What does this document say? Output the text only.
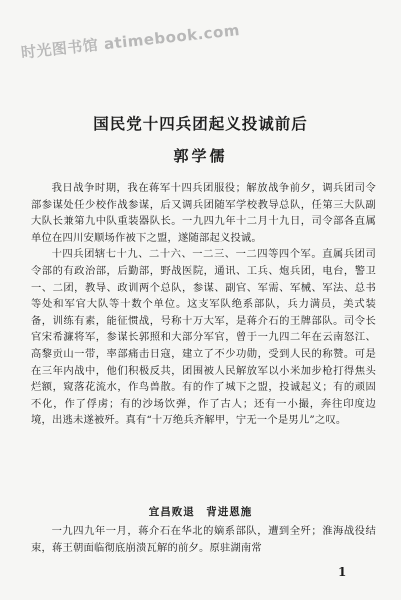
时光图书馆 atimebook.com
国民党十四兵团起义投诚前后
郭学儒

我日战争时期，我在蒋军十四兵团服役；解放战争前夕，调兵团司令部参谋处任少校作战参谋，后又调兵团随军学校教导总队，任第三大队副大队长兼第九中队重装器队长。一九四九年十二月十九日，司令部各直属单位在四川安顺场作被下之盟，遂随部起义投诚。

十四兵团辖七十九、二十六、一二三、一二四等四个军。直属兵团司令部的有政治部，后勤部，野战医院，通讯、工兵、炮兵团，电台，警卫一、二团，教导、政训两个总队，参谋、副官、军需、军械、军法、总书等处和军官大队等十数个单位。这支军队绝系部队，兵力满员，美式装备，训练有素，能征惯战，号称十万大军，是蒋介石的王牌部队。司令长官宋希濂将军，参谋长郭照和大部分军官，曾于一九四二年在云南怒江、高黎贡山一带，率部痛击日寇，建立了不少功勋，受到人民的称赞。可是在三年内战中，他们积极反共，团围被人民解放军以小米加步枪打得焦头烂额，窥落花流水，作鸟兽散。有的作了城下之盟，投诚起义；有的顽固不化，作了俘虏；有的沙场饮弹，作了古人；还有一小撮，奔往印度边境，出逃未遂被歼。真有“十万绝兵齐解甲，宁无一个是男儿”之叹。

宜昌败退　背进恩施

一九四九年一月，蒋介石在华北的嫡系部队，遭到全歼；淮海战役结束，蒋王朝面临彻底崩溃瓦解的前夕。原驻湖南常

1
